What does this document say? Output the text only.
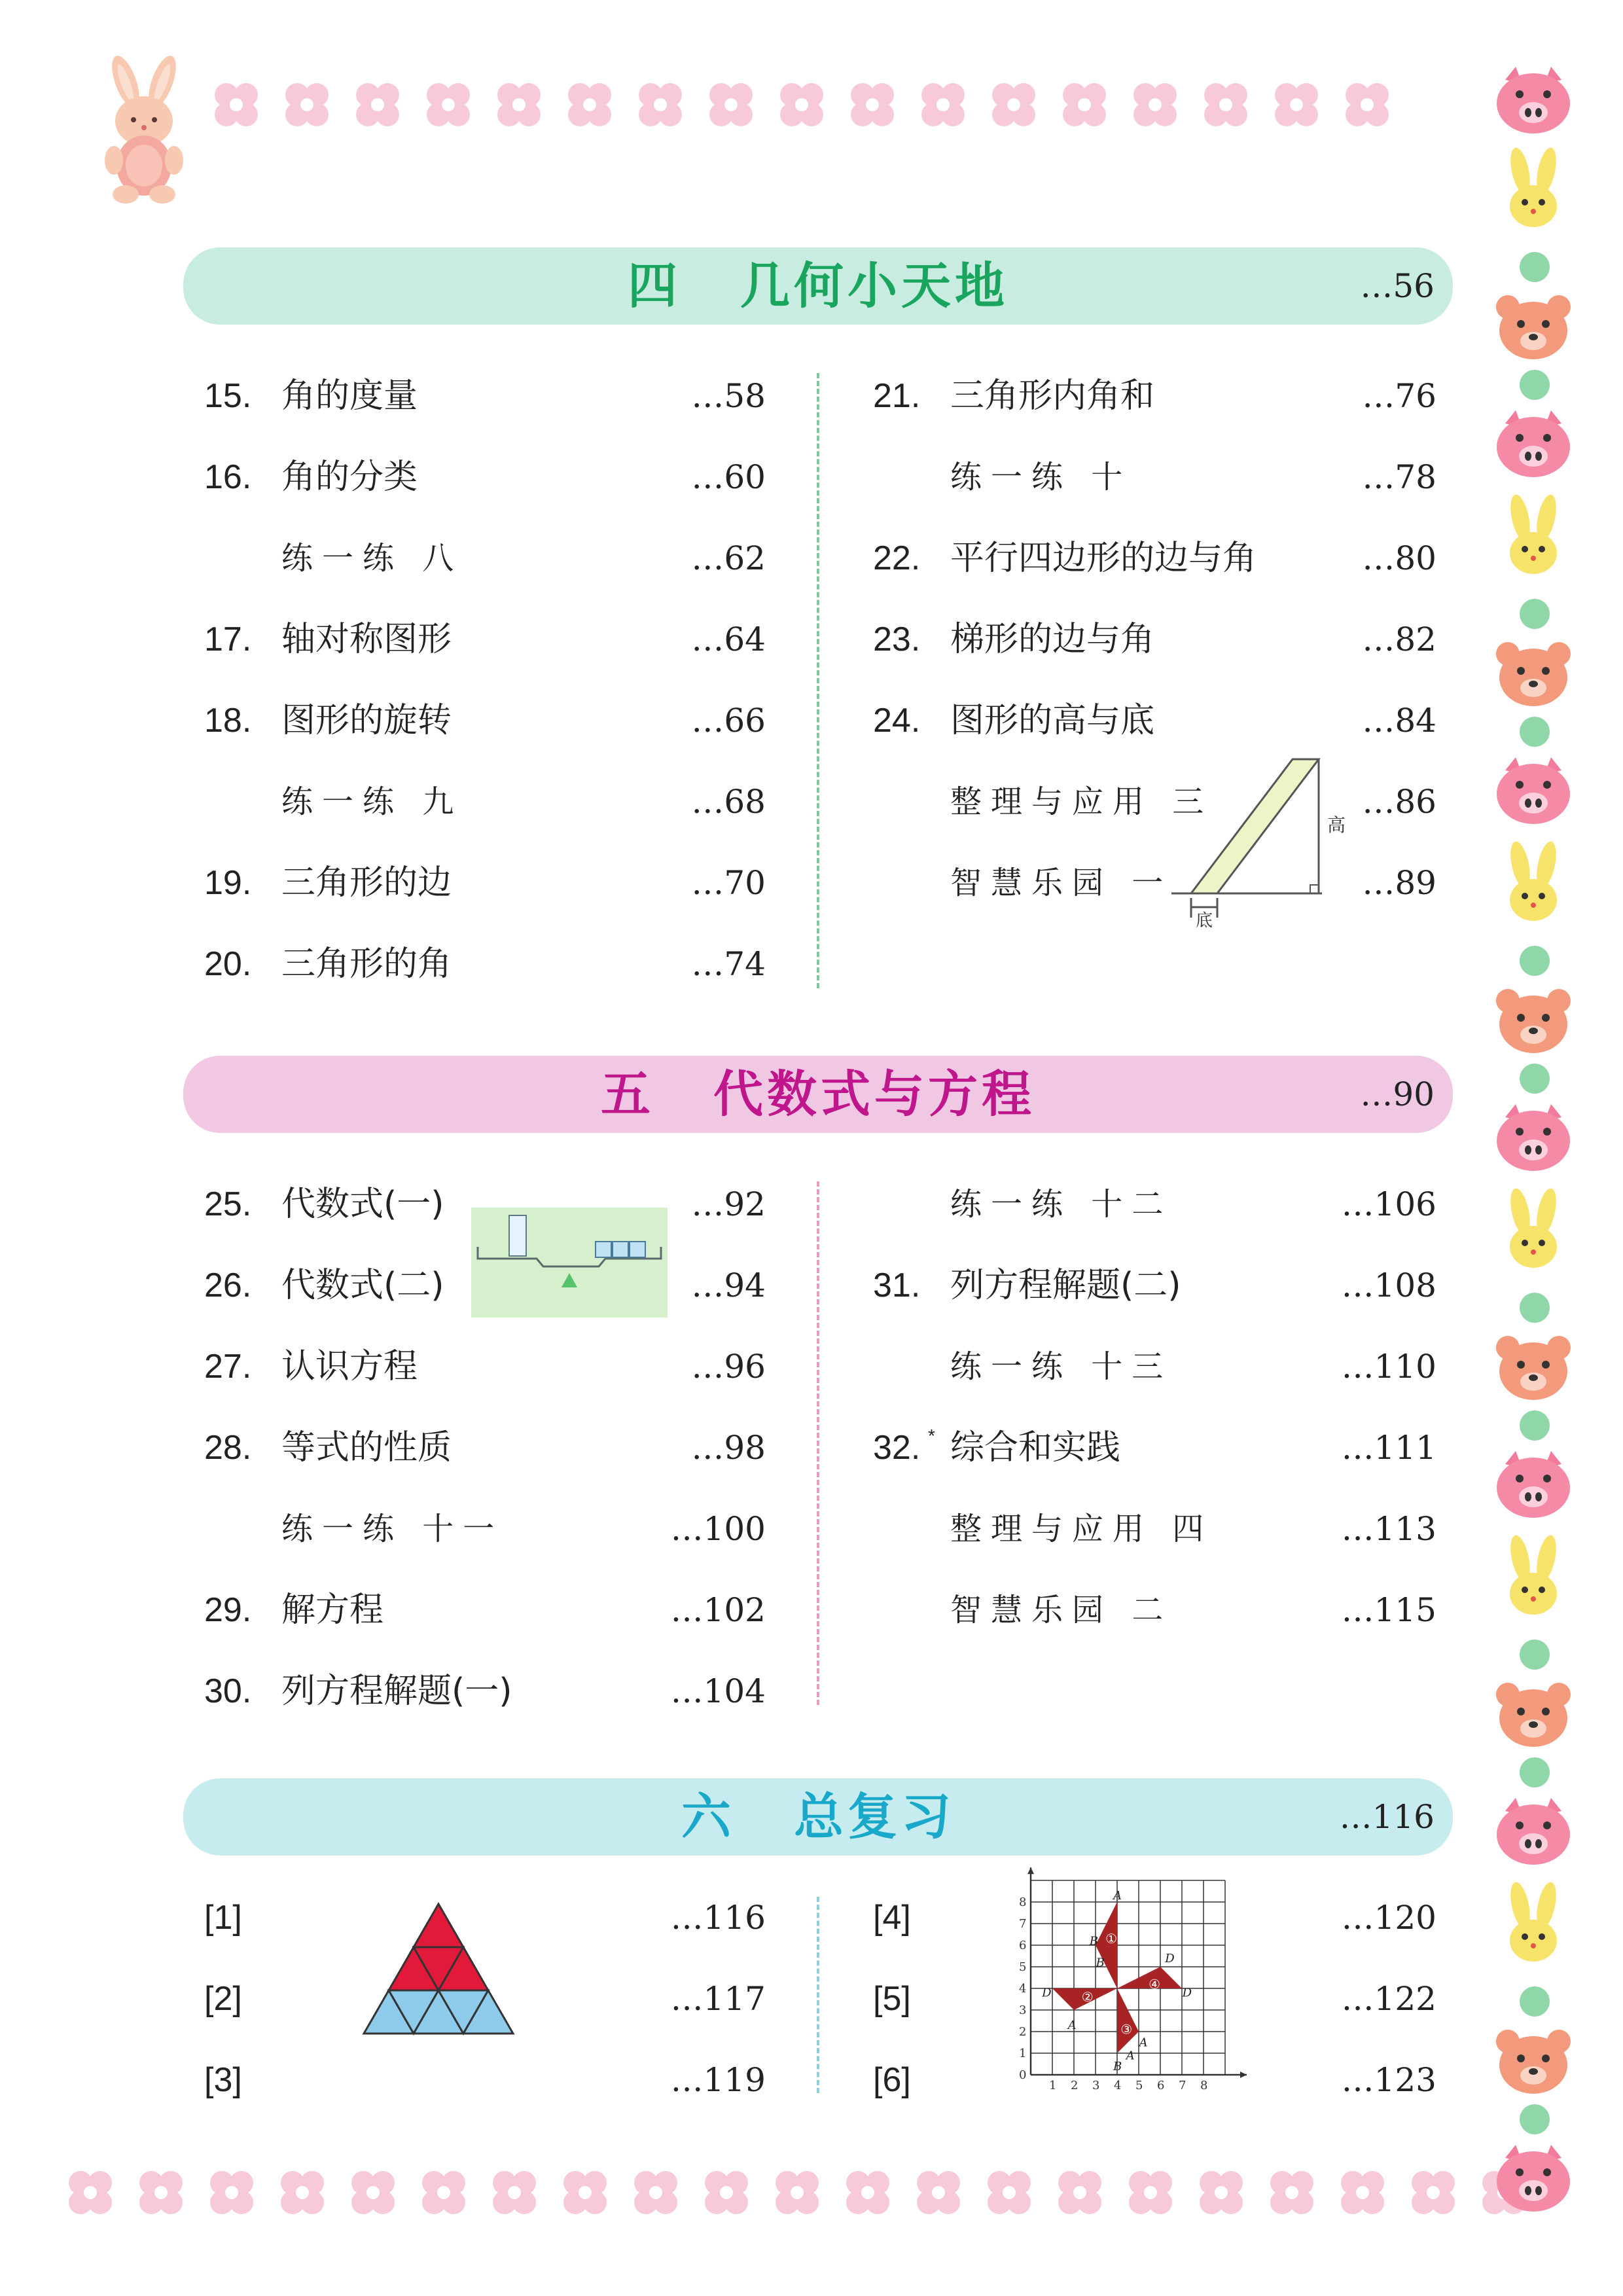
四 几何小天地	…56
15. 角的度量	…58
16. 角的分类	…60
练一练 八	…62
17. 轴对称图形	…64
18. 图形的旋转	…66
练一练 九	…68
19. 三角形的边	…70
20. 三角形的角	…74
21. 三角形内角和	…76
练一练 十	…78
22. 平行四边形的边与角	…80
23. 梯形的边与角	…82
24. 图形的高与底	…84
整理与应用 三	…86
智慧乐园 一	…89
高
底
五 代数式与方程	…90
25. 代数式(一)	…92
26. 代数式(二)	…94
27. 认识方程	…96
28. 等式的性质	…98
练一练 十一	…100
29. 解方程	…102
30. 列方程解题(一)	…104
练一练 十二	…106
31. 列方程解题(二)	…108
练一练 十三	…110
32. * 综合和实践	…111
整理与应用 四	…113
智慧乐园 二	…115
六 总复习	…116
[1]	…116
[2]	…117
[3]	…119
[4]	…120
[5]	…122
[6]	…123
1 2 3 4 5 6 7 8
1
2
3
4
5
6
7
8
0
A
B
A
D
B
D
A
D
B
A
①
②
③
④
